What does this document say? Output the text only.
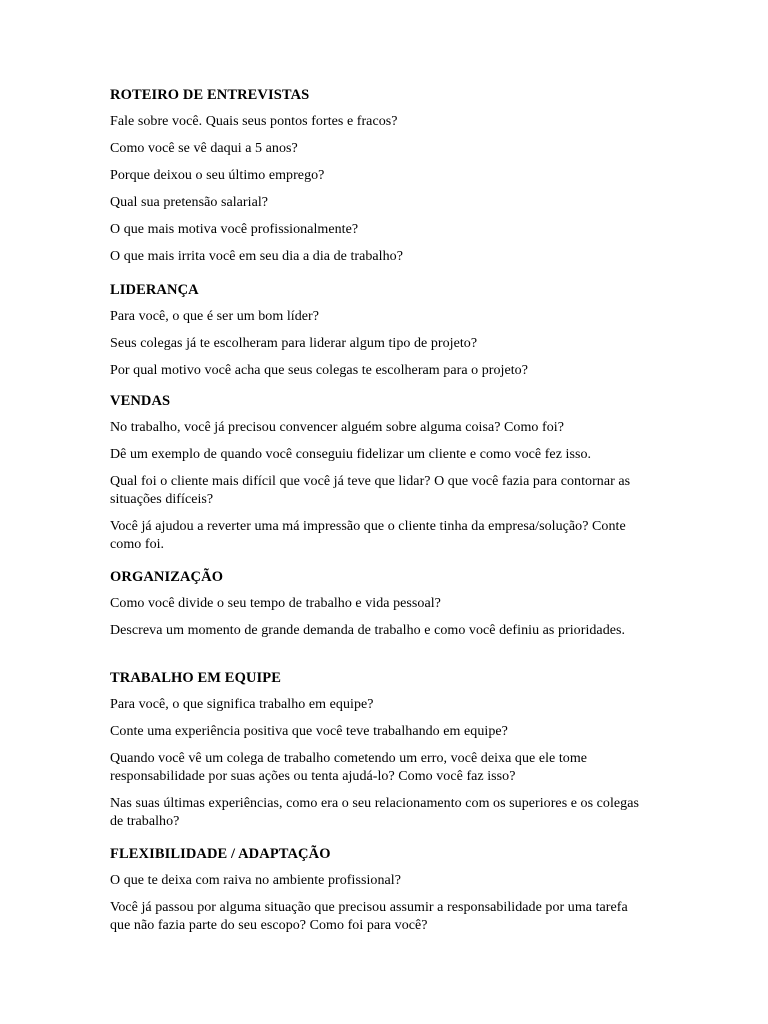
ROTEIRO DE ENTREVISTAS

Fale sobre você. Quais seus pontos fortes e fracos?

Como você se vê daqui a 5 anos?

Porque deixou o seu último emprego?

Qual sua pretensão salarial?

O que mais motiva você profissionalmente?

O que mais irrita você em seu dia a dia de trabalho?

LIDERANÇA

Para você, o que é ser um bom líder?

Seus colegas já te escolheram para liderar algum tipo de projeto?

Por qual motivo você acha que seus colegas te escolheram para o projeto?

VENDAS

No trabalho, você já precisou convencer alguém sobre alguma coisa? Como foi?

Dê um exemplo de quando você conseguiu fidelizar um cliente e como você fez isso.

Qual foi o cliente mais difícil que você já teve que lidar? O que você fazia para contornar as situações difíceis?

Você já ajudou a reverter uma má impressão que o cliente tinha da empresa/solução? Conte como foi.

ORGANIZAÇÃO

Como você divide o seu tempo de trabalho e vida pessoal?

Descreva um momento de grande demanda de trabalho e como você definiu as prioridades.

TRABALHO EM EQUIPE

Para você, o que significa trabalho em equipe?

Conte uma experiência positiva que você teve trabalhando em equipe?

Quando você vê um colega de trabalho cometendo um erro, você deixa que ele tome responsabilidade por suas ações ou tenta ajudá-lo? Como você faz isso?

Nas suas últimas experiências, como era o seu relacionamento com os superiores e os colegas de trabalho?

FLEXIBILIDADE / ADAPTAÇÃO

O que te deixa com raiva no ambiente profissional?

Você já passou por alguma situação que precisou assumir a responsabilidade por uma tarefa que não fazia parte do seu escopo? Como foi para você?
